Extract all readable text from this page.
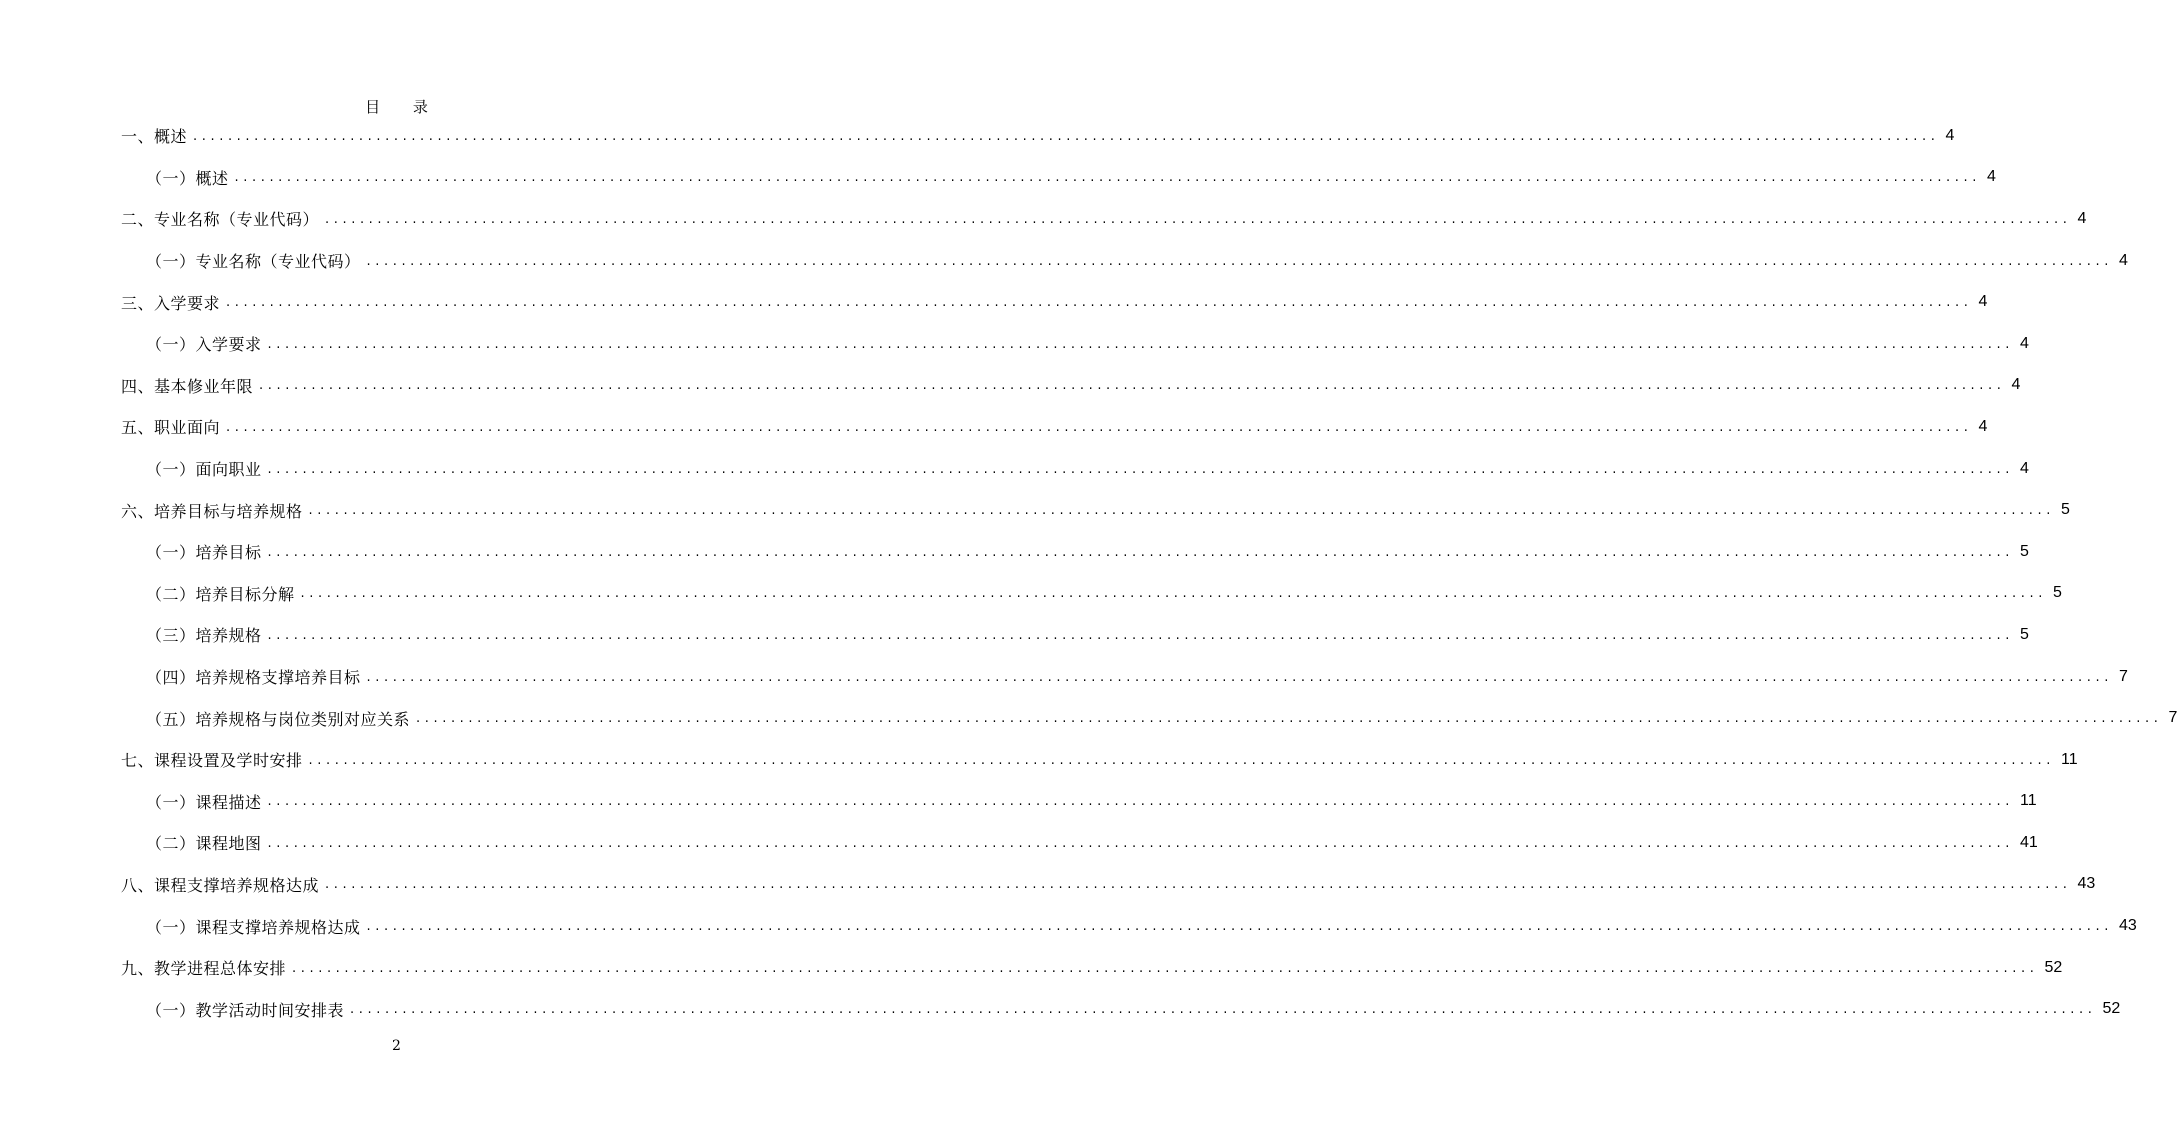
目 录
一、概述 ........................................................................................................................................................................................................ 4
（一）概述 ........................................................................................................................................................................................................ 4
二、专业名称（专业代码） ........................................................................................................................................................................................................ 4
（一）专业名称（专业代码） ........................................................................................................................................................................................................ 4
三、入学要求 ........................................................................................................................................................................................................ 4
（一）入学要求 ........................................................................................................................................................................................................ 4
四、基本修业年限 ........................................................................................................................................................................................................ 4
五、职业面向 ........................................................................................................................................................................................................ 4
（一）面向职业 ........................................................................................................................................................................................................ 4
六、培养目标与培养规格 ........................................................................................................................................................................................................ 5
（一）培养目标 ........................................................................................................................................................................................................ 5
（二）培养目标分解 ........................................................................................................................................................................................................ 5
（三）培养规格 ........................................................................................................................................................................................................ 5
（四）培养规格支撑培养目标 ........................................................................................................................................................................................................ 7
（五）培养规格与岗位类别对应关系 ........................................................................................................................................................................................................ 7
七、课程设置及学时安排 ........................................................................................................................................................................................................ 11
（一）课程描述 ........................................................................................................................................................................................................ 11
（二）课程地图 ........................................................................................................................................................................................................ 41
八、课程支撑培养规格达成 ........................................................................................................................................................................................................ 43
（一）课程支撑培养规格达成 ........................................................................................................................................................................................................ 43
九、教学进程总体安排 ........................................................................................................................................................................................................ 52
（一）教学活动时间安排表 ........................................................................................................................................................................................................ 52
2
